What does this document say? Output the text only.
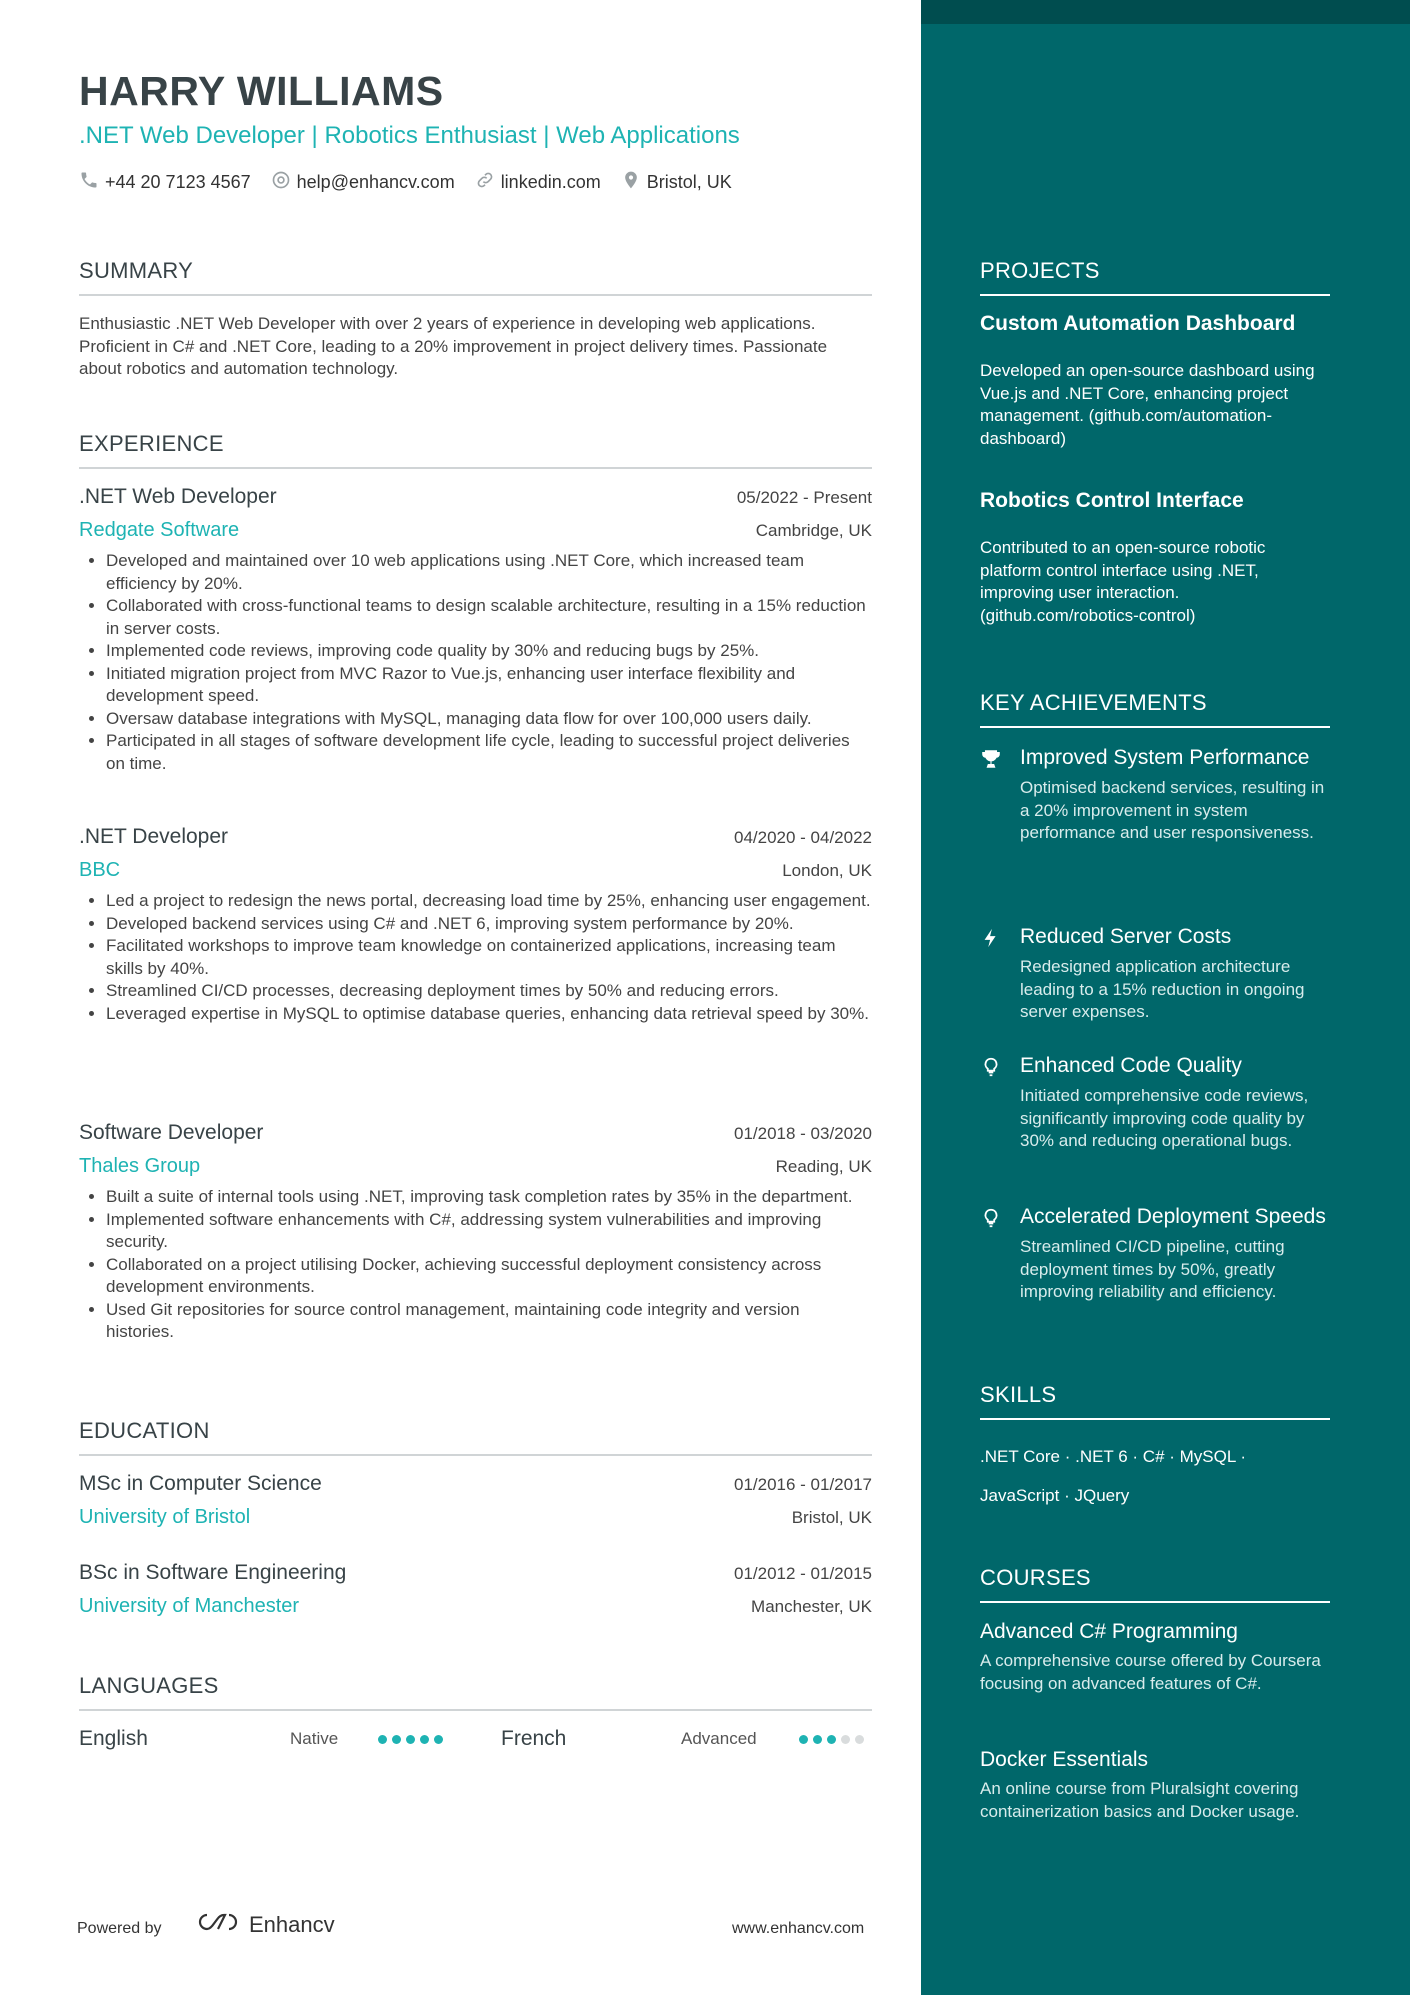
HARRY WILLIAMS
.NET Web Developer | Robotics Enthusiast | Web Applications
+44 20 7123 4567	help@enhancv.com	linkedin.com	Bristol, UK
SUMMARY
Enthusiastic .NET Web Developer with over 2 years of experience in developing web applications. Proficient in C# and .NET Core, leading to a 20% improvement in project delivery times. Passionate about robotics and automation technology.
EXPERIENCE
.NET Web Developer	05/2022 - Present
Redgate Software	Cambridge, UK
• Developed and maintained over 10 web applications using .NET Core, which increased team efficiency by 20%.
• Collaborated with cross-functional teams to design scalable architecture, resulting in a 15% reduction in server costs.
• Implemented code reviews, improving code quality by 30% and reducing bugs by 25%.
• Initiated migration project from MVC Razor to Vue.js, enhancing user interface flexibility and development speed.
• Oversaw database integrations with MySQL, managing data flow for over 100,000 users daily.
• Participated in all stages of software development life cycle, leading to successful project deliveries on time.
.NET Developer	04/2020 - 04/2022
BBC	London, UK
• Led a project to redesign the news portal, decreasing load time by 25%, enhancing user engagement.
• Developed backend services using C# and .NET 6, improving system performance by 20%.
• Facilitated workshops to improve team knowledge on containerized applications, increasing team skills by 40%.
• Streamlined CI/CD processes, decreasing deployment times by 50% and reducing errors.
• Leveraged expertise in MySQL to optimise database queries, enhancing data retrieval speed by 30%.
Software Developer	01/2018 - 03/2020
Thales Group	Reading, UK
• Built a suite of internal tools using .NET, improving task completion rates by 35% in the department.
• Implemented software enhancements with C#, addressing system vulnerabilities and improving security.
• Collaborated on a project utilising Docker, achieving successful deployment consistency across development environments.
• Used Git repositories for source control management, maintaining code integrity and version histories.
EDUCATION
MSc in Computer Science	01/2016 - 01/2017
University of Bristol	Bristol, UK
BSc in Software Engineering	01/2012 - 01/2015
University of Manchester	Manchester, UK
LANGUAGES
English	Native	French	Advanced
Powered by	Enhancv	www.enhancv.com
PROJECTS
Custom Automation Dashboard
Developed an open-source dashboard using Vue.js and .NET Core, enhancing project management. (github.com/automation-dashboard)
Robotics Control Interface
Contributed to an open-source robotic platform control interface using .NET, improving user interaction. (github.com/robotics-control)
KEY ACHIEVEMENTS
Improved System Performance
Optimised backend services, resulting in a 20% improvement in system performance and user responsiveness.
Reduced Server Costs
Redesigned application architecture leading to a 15% reduction in ongoing server expenses.
Enhanced Code Quality
Initiated comprehensive code reviews, significantly improving code quality by 30% and reducing operational bugs.
Accelerated Deployment Speeds
Streamlined CI/CD pipeline, cutting deployment times by 50%, greatly improving reliability and efficiency.
SKILLS
.NET Core · .NET 6 · C# · MySQL ·
JavaScript · JQuery
COURSES
Advanced C# Programming
A comprehensive course offered by Coursera focusing on advanced features of C#.
Docker Essentials
An online course from Pluralsight covering containerization basics and Docker usage.
